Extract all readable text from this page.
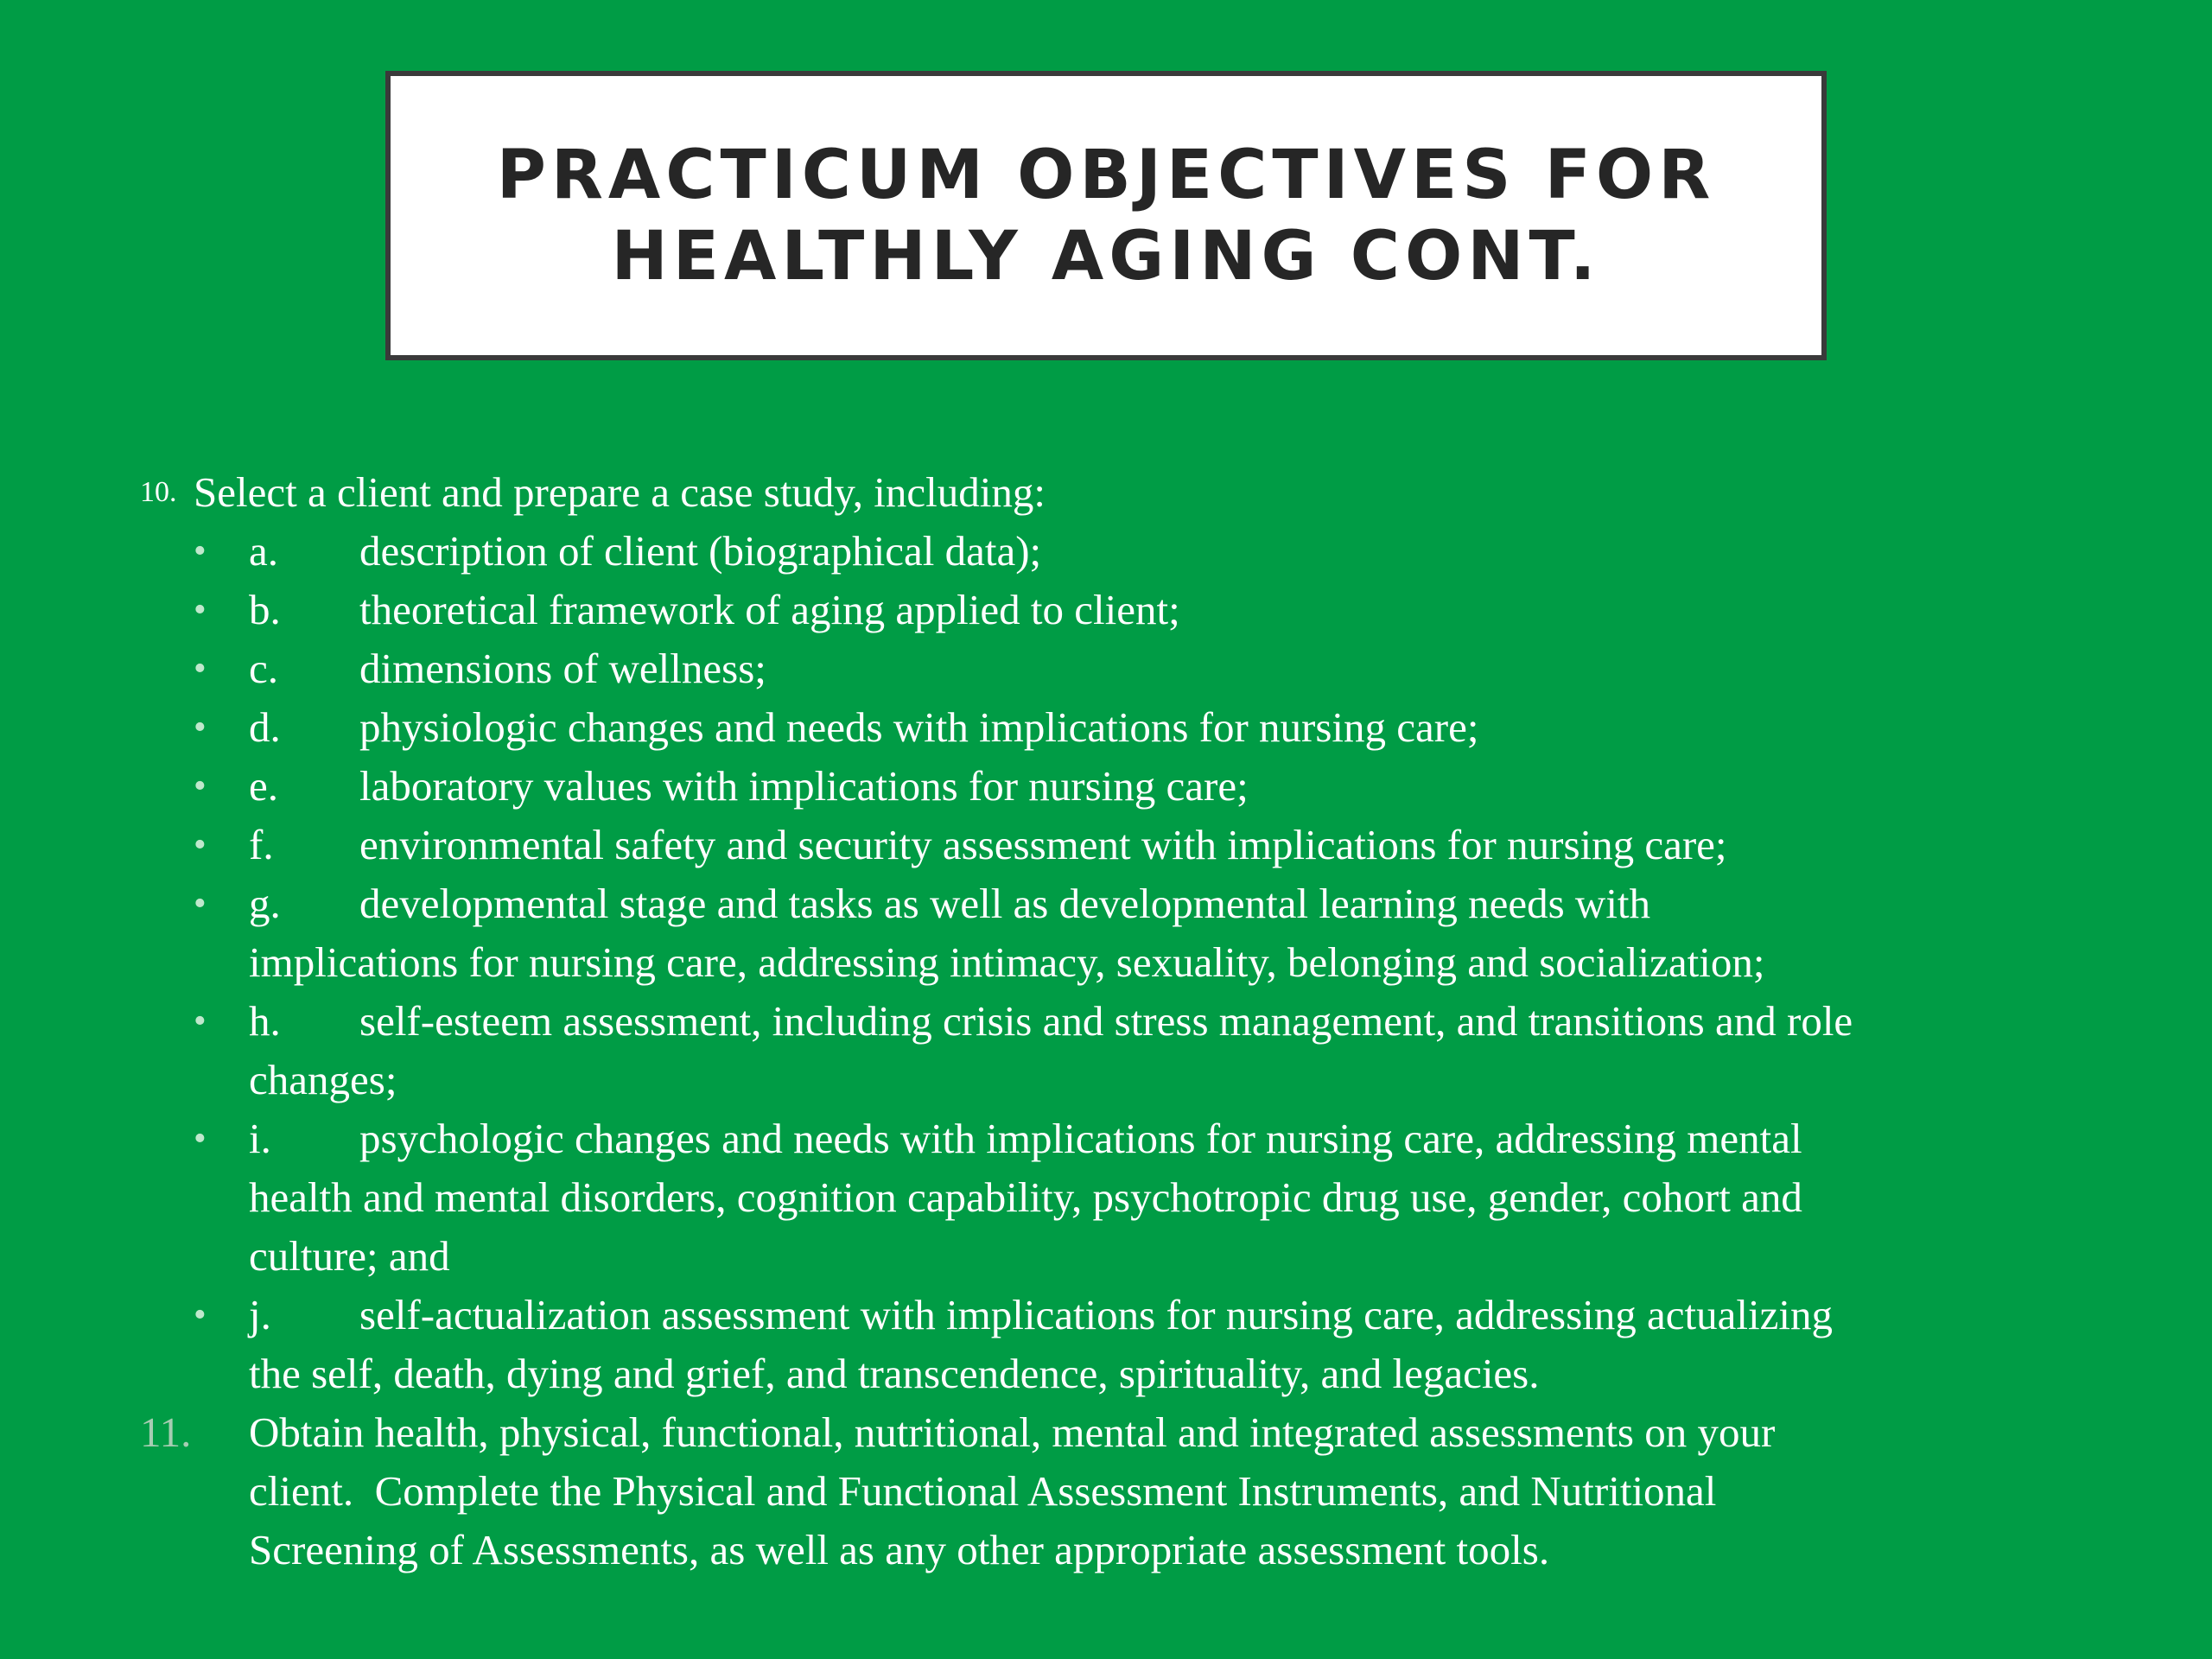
PRACTICUM OBJECTIVES FOR
HEALTHLY AGING CONT.
10. Select a client and prepare a case study, including:
• a. description of client (biographical data);
• b. theoretical framework of aging applied to client;
• c. dimensions of wellness;
• d. physiologic changes and needs with implications for nursing care;
• e. laboratory values with implications for nursing care;
• f. environmental safety and security assessment with implications for nursing care;
• g. developmental stage and tasks as well as developmental learning needs with
implications for nursing care, addressing intimacy, sexuality, belonging and socialization;
• h. self-esteem assessment, including crisis and stress management, and transitions and role
changes;
• i. psychologic changes and needs with implications for nursing care, addressing mental
health and mental disorders, cognition capability, psychotropic drug use, gender, cohort and
culture; and
• j. self-actualization assessment with implications for nursing care, addressing actualizing
the self, death, dying and grief, and transcendence, spirituality, and legacies.
11. Obtain health, physical, functional, nutritional, mental and integrated assessments on your
client.  Complete the Physical and Functional Assessment Instruments, and Nutritional
Screening of Assessments, as well as any other appropriate assessment tools.
